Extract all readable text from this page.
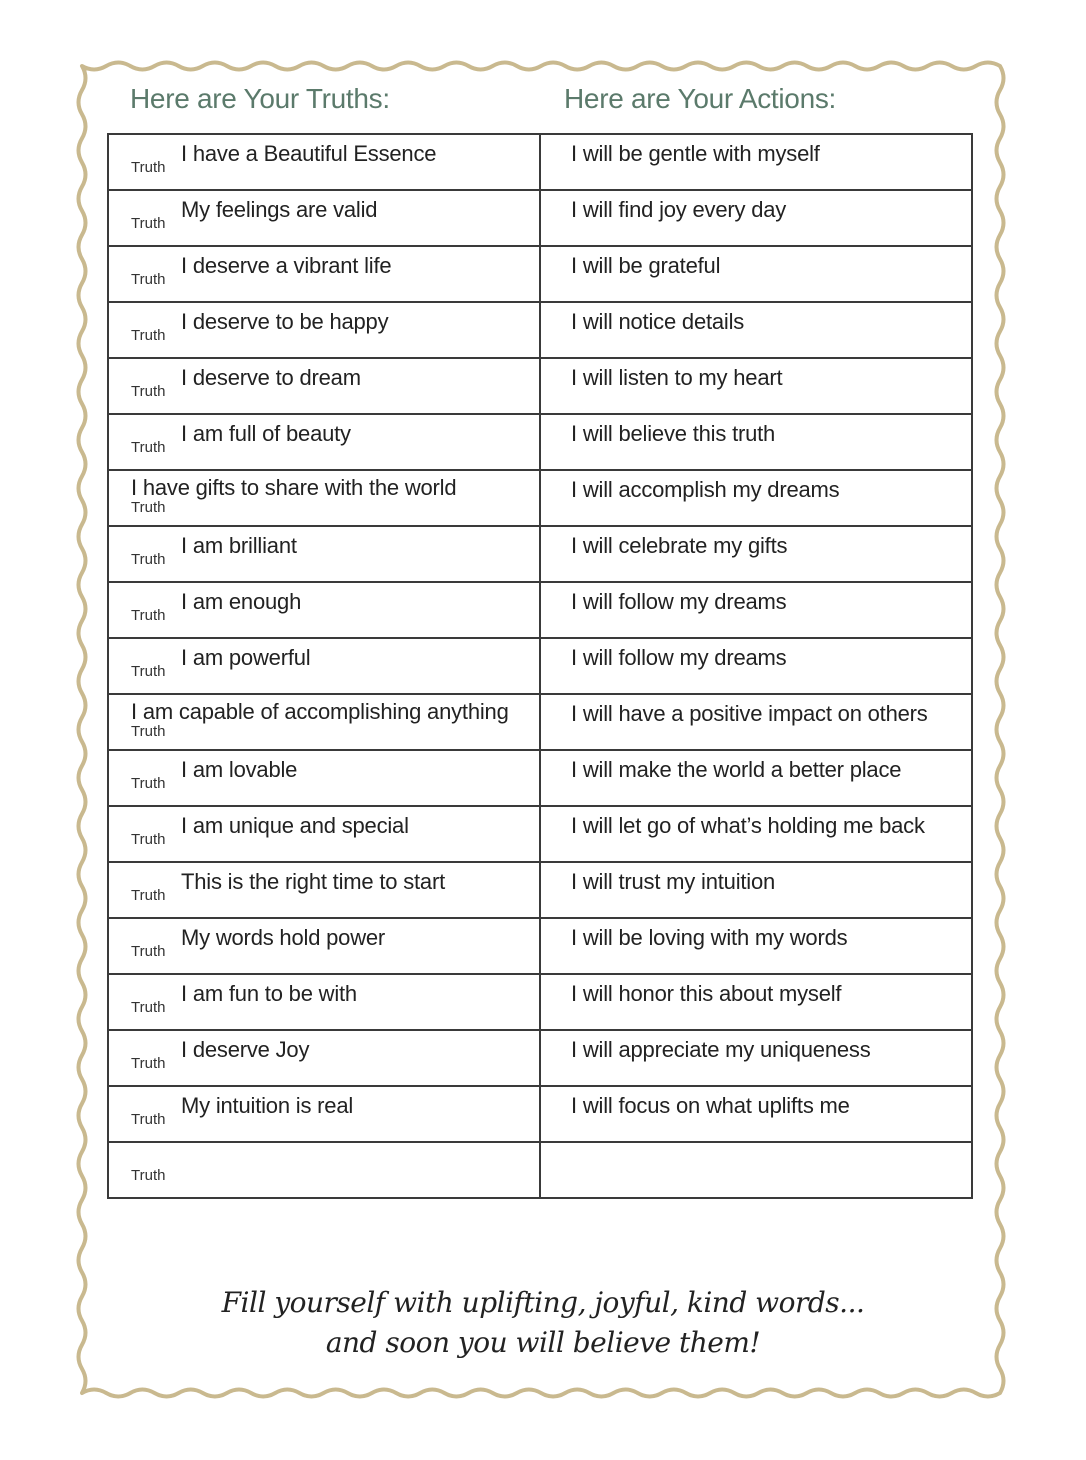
Here are Your Truths:	Here are Your Actions:
Truth
I have a Beautiful Essence	I will be gentle with myself

Truth
My feelings are valid	I will find joy every day

Truth
I deserve a vibrant life	I will be grateful

Truth
I deserve to be happy	I will notice details

Truth
I deserve to dream	I will listen to my heart

Truth
I am full of beauty	I will believe this truth

Truth
I have gifts to share with the world	I will accomplish my dreams

Truth
I am brilliant	I will celebrate my gifts

Truth
I am enough	I will follow my dreams

Truth
I am powerful	I will follow my dreams

Truth
I am capable of accomplishing anything	I will have a positive impact on others

Truth
I am lovable	I will make the world a better place

Truth
I am unique and special	I will let go of what’s holding me back

Truth
This is the right time to start	I will trust my intuition

Truth
My words hold power	I will be loving with my words

Truth
I am fun to be with	I will honor this about myself

Truth
I deserve Joy	I will appreciate my uniqueness

Truth
My intuition is real	I will focus on what uplifts me

Truth	

Fill yourself with uplifting, joyful, kind words...
and soon you will believe them!
